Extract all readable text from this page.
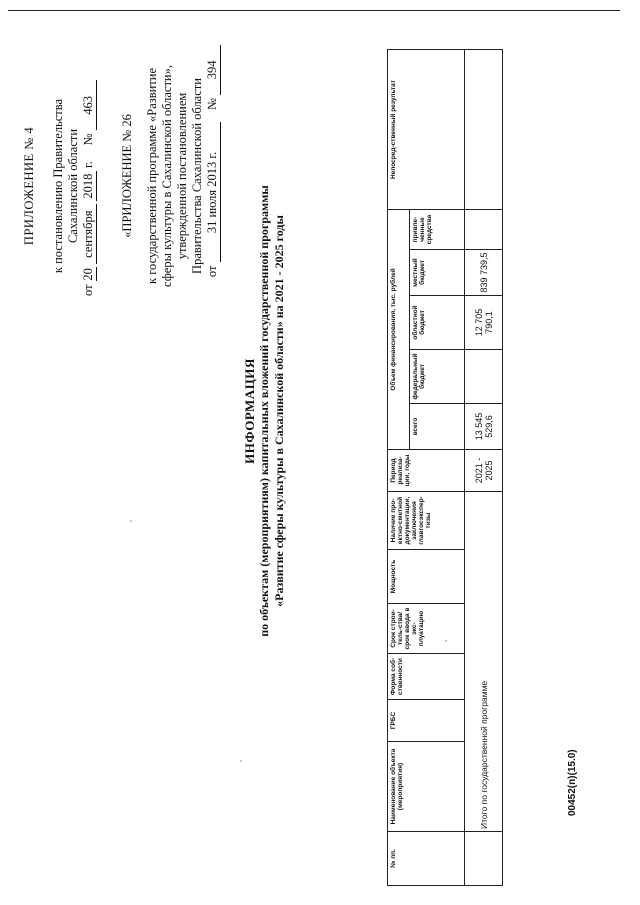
ПРИЛОЖЕНИЕ № 4 к постановлению Правительства Сахалинской области
от 20 сентября 2018 г.     № 463
«ПРИЛОЖЕНИЕ № 26 к государственной программе «Развитие сферы культуры в Сахалинской области», утвержденной постановлением Правительства Сахалинской области от 31 июля 2013 г.    № 394
ИНФОРМАЦИЯ по объектам (мероприятиям) капитальных вложений государственной программы «Развитие сферы культуры в Сахалинской области» на 2021 - 2025 годы
№ пп.	Наименование объекта (мероприятия)	ГРБС	Форма соб-ственности	Срок строи-тель-ства/срок ввода в экс-плуатацию	Мощность	Наличие про-ектно-сметной документации, заключения главгосэкспер-тизы	Период реализа-ции, годы	Объем финансирования, тыс. рублей					Непосред-ственный результат
								всего	федеральный бюджет	областной бюджет	местный бюджет	привле-ченные средства	
	Итого по государственной программе						2021 - 2025	13 545 529,6		12 705 790,1	839 739,5		
00452(п)(15.0)
